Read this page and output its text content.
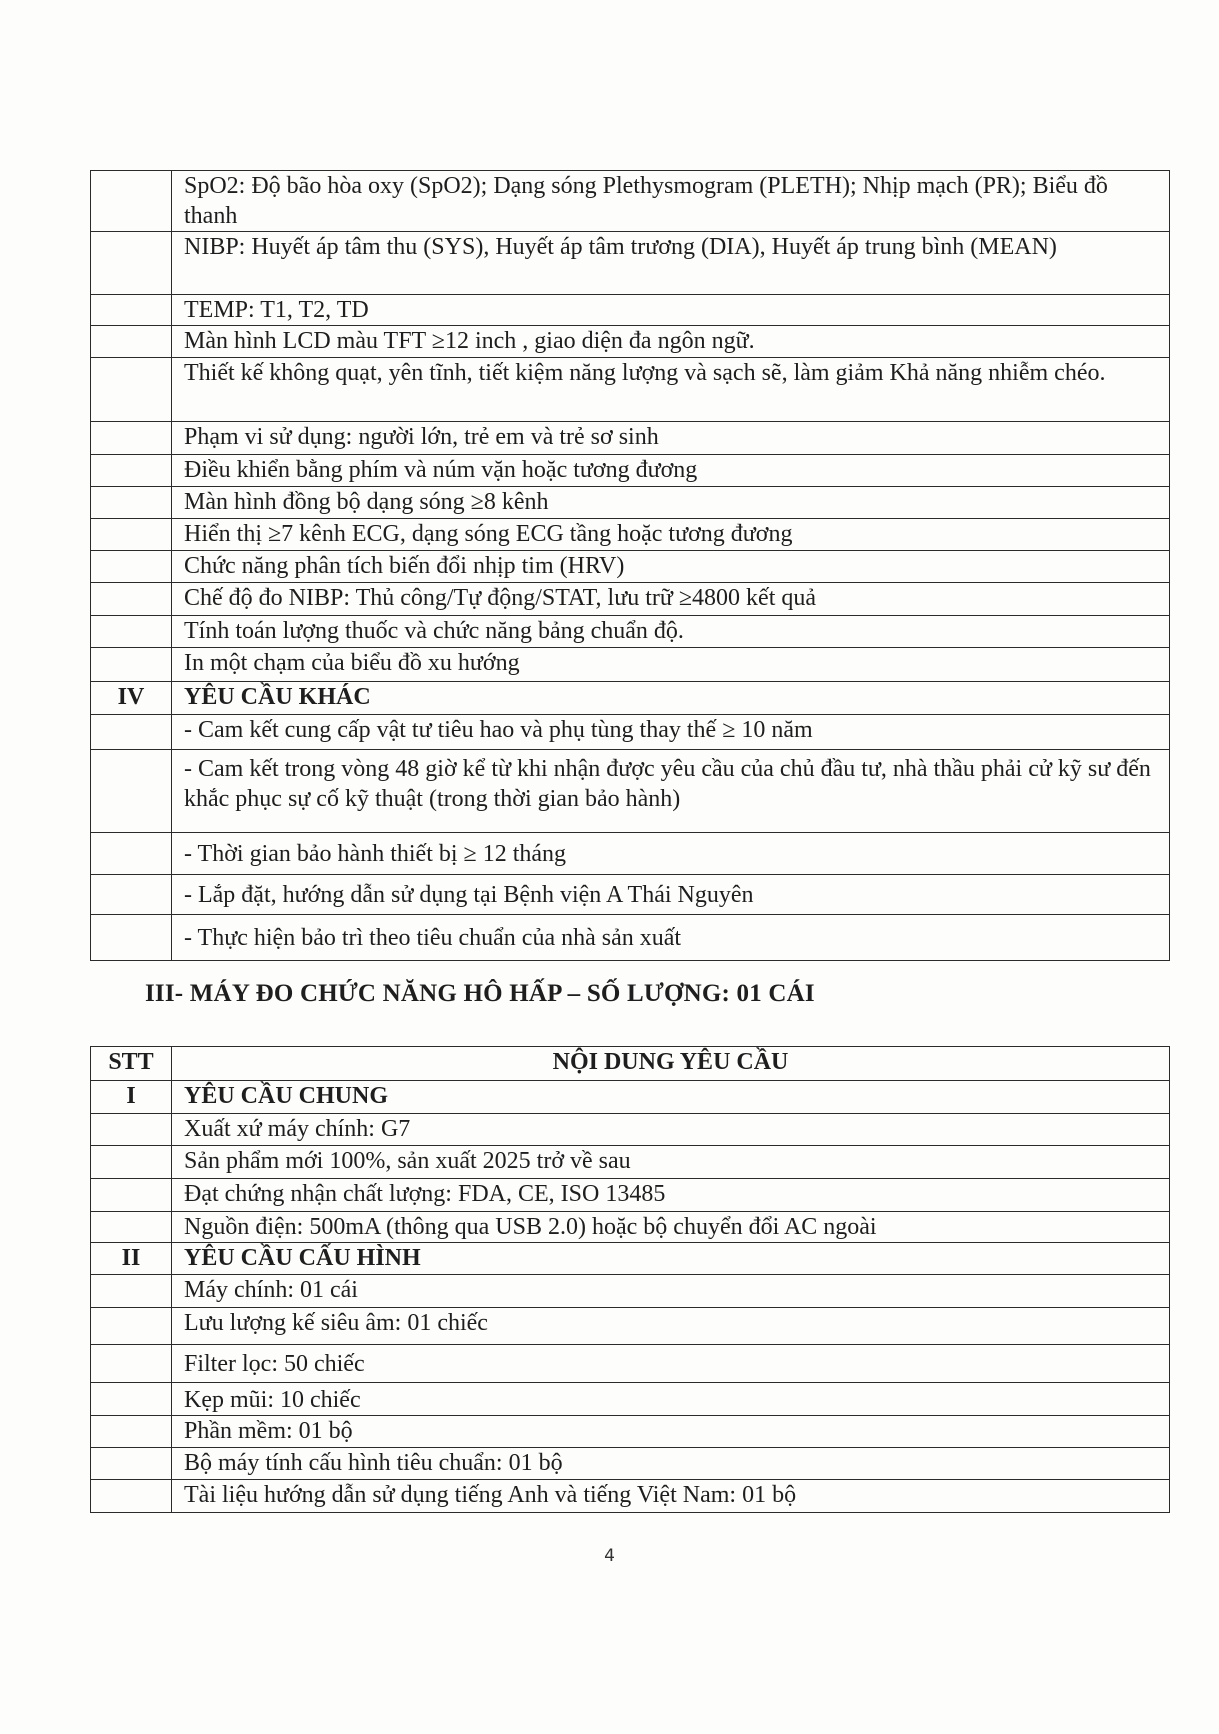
	SpO2: Độ bão hòa oxy (SpO2); Dạng sóng Plethysmogram (PLETH); Nhịp mạch (PR); Biểu đồ thanh
	NIBP: Huyết áp tâm thu (SYS), Huyết áp tâm trương (DIA), Huyết áp trung bình (MEAN)
	TEMP: T1, T2, TD
	Màn hình LCD màu TFT ≥12 inch , giao diện đa ngôn ngữ.
	Thiết kế không quạt, yên tĩnh, tiết kiệm năng lượng và sạch sẽ, làm giảm Khả năng nhiễm chéo.
	Phạm vi sử dụng: người lớn, trẻ em và trẻ sơ sinh
	Điều khiển bằng phím và núm vặn hoặc tương đương
	Màn hình đồng bộ dạng sóng ≥8 kênh
	Hiển thị ≥7 kênh ECG, dạng sóng ECG tầng hoặc tương đương
	Chức năng phân tích biến đổi nhịp tim (HRV)
	Chế độ đo NIBP: Thủ công/Tự động/STAT, lưu trữ ≥4800 kết quả
	Tính toán lượng thuốc và chức năng bảng chuẩn độ.
	In một chạm của biểu đồ xu hướng
IV	YÊU CẦU KHÁC
	- Cam kết cung cấp vật tư tiêu hao và phụ tùng thay thế ≥ 10 năm
	- Cam kết trong vòng 48 giờ kể từ khi nhận được yêu cầu của chủ đầu tư, nhà thầu phải cử kỹ sư đến khắc phục sự cố kỹ thuật (trong thời gian bảo hành)
	- Thời gian bảo hành thiết bị ≥ 12 tháng
	- Lắp đặt, hướng dẫn sử dụng tại Bệnh viện A Thái Nguyên
	- Thực hiện bảo trì theo tiêu chuẩn của nhà sản xuất
III- MÁY ĐO CHỨC NĂNG HÔ HẤP – SỐ LƯỢNG: 01 CÁI
STT	NỘI DUNG YÊU CẦU
I	YÊU CẦU CHUNG
	Xuất xứ máy chính: G7
	Sản phẩm mới 100%, sản xuất 2025 trở về sau
	Đạt chứng nhận chất lượng: FDA, CE, ISO 13485
	Nguồn điện: 500mA (thông qua USB 2.0) hoặc bộ chuyển đổi AC ngoài
II	YÊU CẦU CẤU HÌNH
	Máy chính: 01 cái
	Lưu lượng kế siêu âm: 01 chiếc
	Filter lọc: 50 chiếc
	Kẹp mũi: 10 chiếc
	Phần mềm: 01 bộ
	Bộ máy tính cấu hình tiêu chuẩn: 01 bộ
	Tài liệu hướng dẫn sử dụng tiếng Anh và tiếng Việt Nam: 01 bộ
4
